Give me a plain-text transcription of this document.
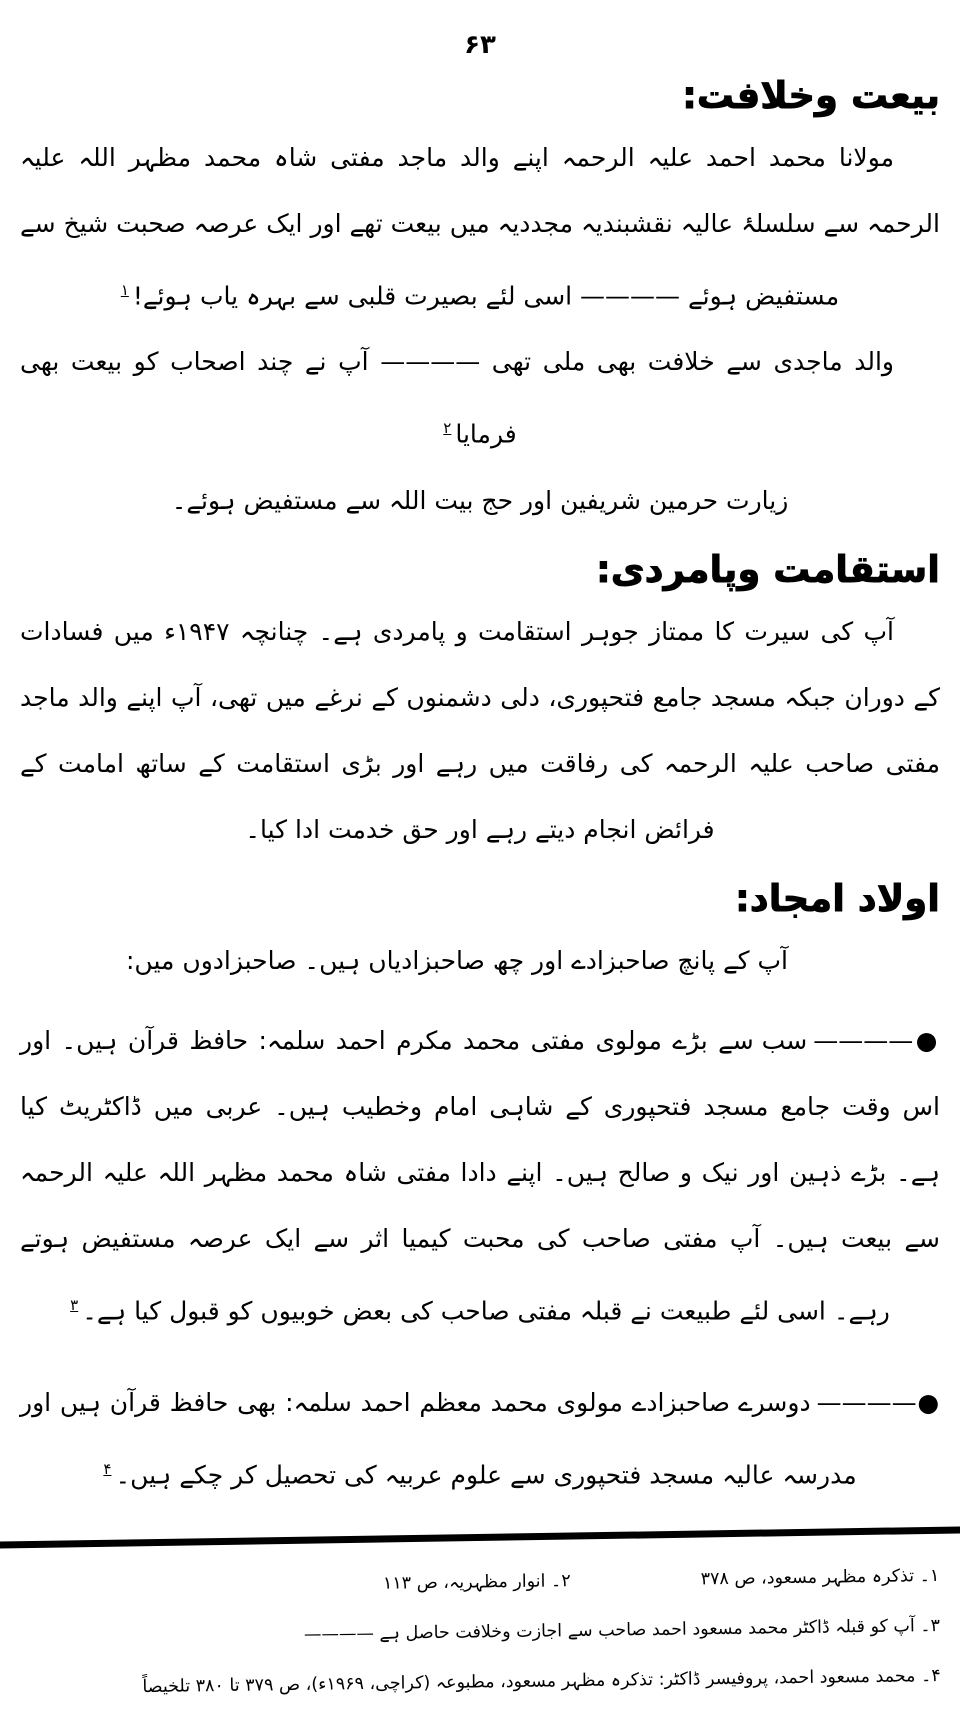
۶۳
بیعت وخلافت:

مولانا محمد احمد علیہ الرحمہ اپنے والد ماجد مفتی شاہ محمد مظہر اللہ علیہ الرحمہ سے سلسلۂ عالیہ نقشبندیہ مجددیہ میں بیعت تھے اور ایک عرصہ صحبت شیخ سے مستفیض ہوئے ———— اسی لئے بصیرت قلبی سے بہرہ یاب ہوئے!$^۱$

والد ماجدی سے خلافت بھی ملی تھی ———— آپ نے چند اصحاب کو بیعت بھی فرمایا$^۲$

زیارت حرمین شریفین اور حج بیت اللہ سے مستفیض ہوئے۔

استقامت وپامردی:

آپ کی سیرت کا ممتاز جوہر استقامت و پامردی ہے۔ چنانچہ ۱۹۴۷ء میں فسادات کے دوران جبکہ مسجد جامع فتحپوری، دلی دشمنوں کے نرغے میں تھی، آپ اپنے والد ماجد مفتی صاحب علیہ الرحمہ کی رفاقت میں رہے اور بڑی استقامت کے ساتھ امامت کے فرائض انجام دیتے رہے اور حق خدمت ادا کیا۔

اولاد امجاد:

آپ کے پانچ صاحبزادے اور چھ صاحبزادیاں ہیں۔ صاحبزادوں میں:

●————سب سے بڑے مولوی مفتی محمد مکرم احمد سلمہ: حافظ قرآن ہیں۔ اور اس وقت جامع مسجد فتحپوری کے شاہی امام وخطیب ہیں۔ عربی میں ڈاکٹریٹ کیا ہے۔ بڑے ذہین اور نیک و صالح ہیں۔ اپنے دادا مفتی شاہ محمد مظہر اللہ علیہ الرحمہ سے بیعت ہیں۔ آپ مفتی صاحب کی محبت کیمیا اثر سے ایک عرصہ مستفیض ہوتے رہے۔ اسی لئے طبیعت نے قبلہ مفتی صاحب کی بعض خوبیوں کو قبول کیا ہے۔$^۳$

●————دوسرے صاحبزادے مولوی محمد معظم احمد سلمہ: بھی حافظ قرآن ہیں اور مدرسہ عالیہ مسجد فتحپوری سے علوم عربیہ کی تحصیل کر چکے ہیں۔$^۴$

۱۔ تذکرہ مظہر مسعود، ص ۳۷۸
۲۔ انوار مظہریہ، ص ۱۱۳
۳۔ آپ کو قبلہ ڈاکٹر محمد مسعود احمد صاحب سے اجازت وخلافت حاصل ہے ————
۴۔ محمد مسعود احمد، پروفیسر ڈاکٹر: تذکرہ مظہر مسعود، مطبوعہ (کراچی، ۱۹۶۹ء)، ص ۳۷۹ تا ۳۸۰ تلخیصاً
